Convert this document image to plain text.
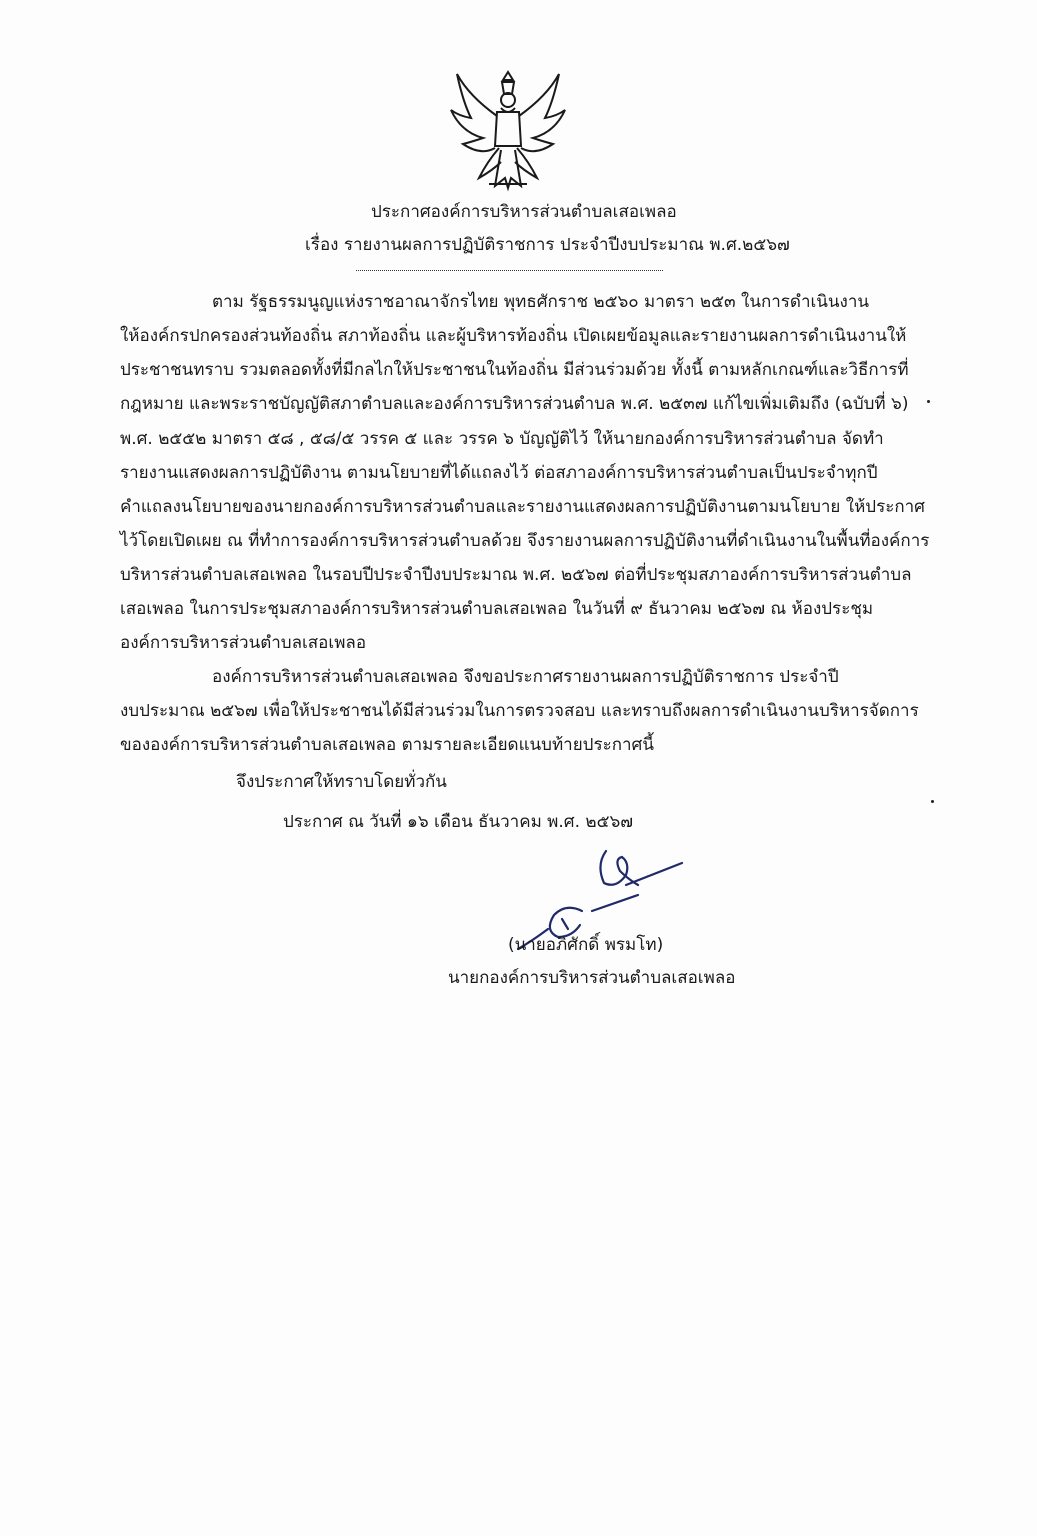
ประกาศองค์การบริหารส่วนตำบลเสอเพลอ
เรื่อง รายงานผลการปฏิบัติราชการ ประจำปีงบประมาณ พ.ศ.๒๕๖๗
ตาม รัฐธรรมนูญแห่งราชอาณาจักรไทย พุทธศักราช ๒๕๖๐ มาตรา ๒๕๓ ในการดำเนินงาน
ให้องค์กรปกครองส่วนท้องถิ่น สภาท้องถิ่น และผู้บริหารท้องถิ่น เปิดเผยข้อมูลและรายงานผลการดำเนินงานให้
ประชาชนทราบ รวมตลอดทั้งที่มีกลไกให้ประชาชนในท้องถิ่น มีส่วนร่วมด้วย ทั้งนี้ ตามหลักเกณฑ์และวิธีการที่
กฎหมาย และพระราชบัญญัติสภาตำบลและองค์การบริหารส่วนตำบล พ.ศ. ๒๕๓๗ แก้ไขเพิ่มเติมถึง (ฉบับที่ ๖)
พ.ศ. ๒๕๕๒ มาตรา ๕๘ , ๕๘/๕ วรรค ๕ และ วรรค ๖ บัญญัติไว้ ให้นายกองค์การบริหารส่วนตำบล จัดทำ
รายงานแสดงผลการปฏิบัติงาน ตามนโยบายที่ได้แถลงไว้ ต่อสภาองค์การบริหารส่วนตำบลเป็นประจำทุกปี
คำแถลงนโยบายของนายกองค์การบริหารส่วนตำบลและรายงานแสดงผลการปฏิบัติงานตามนโยบาย ให้ประกาศ
ไว้โดยเปิดเผย ณ ที่ทำการองค์การบริหารส่วนตำบลด้วย จึงรายงานผลการปฏิบัติงานที่ดำเนินงานในพื้นที่องค์การ
บริหารส่วนตำบลเสอเพลอ ในรอบปีประจำปีงบประมาณ พ.ศ. ๒๕๖๗ ต่อที่ประชุมสภาองค์การบริหารส่วนตำบล
เสอเพลอ ในการประชุมสภาองค์การบริหารส่วนตำบลเสอเพลอ ในวันที่ ๙ ธันวาคม ๒๕๖๗ ณ ห้องประชุม
องค์การบริหารส่วนตำบลเสอเพลอ
องค์การบริหารส่วนตำบลเสอเพลอ จึงขอประกาศรายงานผลการปฏิบัติราชการ ประจำปี
งบประมาณ ๒๕๖๗ เพื่อให้ประชาชนได้มีส่วนร่วมในการตรวจสอบ และทราบถึงผลการดำเนินงานบริหารจัดการ
ขององค์การบริหารส่วนตำบลเสอเพลอ ตามรายละเอียดแนบท้ายประกาศนี้
จึงประกาศให้ทราบโดยทั่วกัน
ประกาศ ณ วันที่ ๑๖ เดือน ธันวาคม พ.ศ. ๒๕๖๗
(นายอภิศักดิ์ พรมโท)
นายกองค์การบริหารส่วนตำบลเสอเพลอ
